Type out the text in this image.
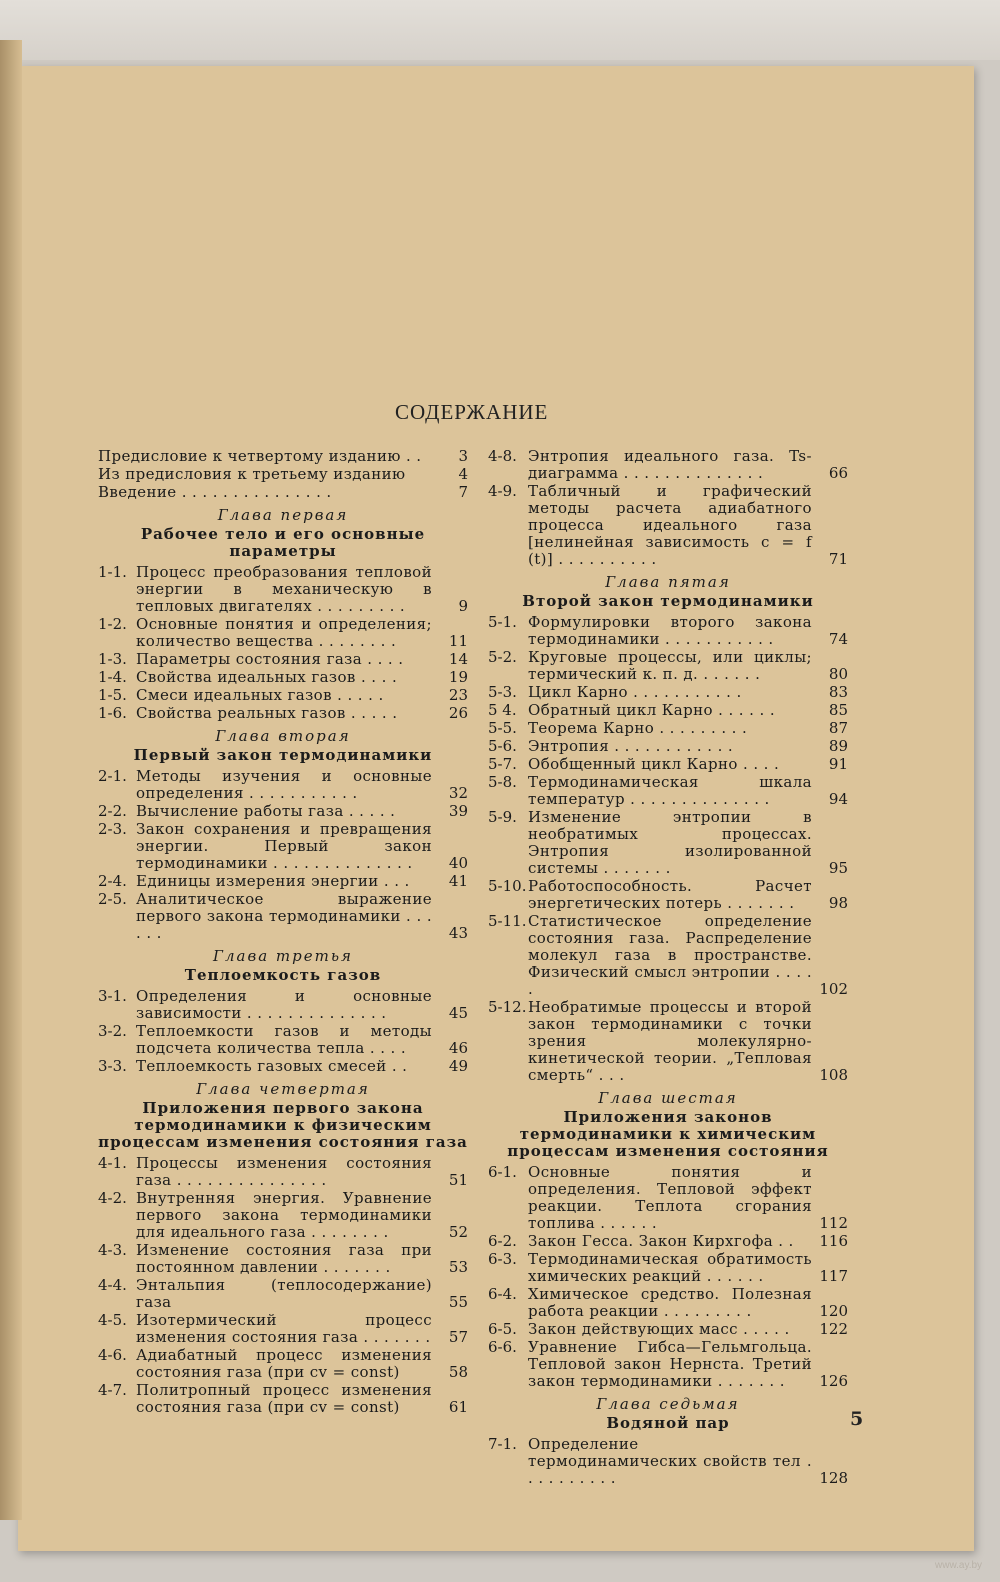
СОДЕРЖАНИЕ
Предисловие к четвертому изданию . .	3
Из предисловия к третьему изданию	4
Введение . . . . . . . . . . . . . . .	7
Глава первая
Рабочее тело и его основные параметры
1-1. Процесс преобразования тепловой энергии в механическую в тепловых двигателях . . . . . . . . .	9
1-2. Основные понятия и определения; количество вещества . . . . . . . .	11
1-3. Параметры состояния газа . . . .	14
1-4. Свойства идеальных газов . . . .	19
1-5. Смеси идеальных газов . . . . .	23
1-6. Свойства реальных газов . . . . .	26
Глава вторая
Первый закон термодинамики
2-1. Методы изучения и основные определения . . . . . . . . . . .	32
2-2. Вычисление работы газа . . . . .	39
2-3. Закон сохранения и превращения энергии. Первый закон термодинамики . . . . . . . . . . . . . .	40
2-4. Единицы измерения энергии . . .	41
2-5. Аналитическое выражение первого закона термодинамики . . . . . .	43
Глава третья
Теплоемкость газов
3-1. Определения и основные зависимости . . . . . . . . . . . . . .	45
3-2. Теплоемкости газов и методы подсчета количества тепла . . . .	46
3-3. Теплоемкость газовых смесей . .	49
Глава четвертая
Приложения первого закона термодинамики к физическим процессам изменения состояния газа
4-1. Процессы изменения состояния газа . . . . . . . . . . . . . . .	51
4-2. Внутренняя энергия. Уравнение первого закона термодинамики для идеального газа . . . . . . . .	52
4-3. Изменение состояния газа при постоянном давлении . . . . . . .	53
4-4. Энтальпия (теплосодержание) газа	55
4-5. Изотермический процесс изменения состояния газа . . . . . . .	57
4-6. Адиабатный процесс изменения состояния газа (при cv = const)	58
4-7. Политропный процесс изменения состояния газа (при cv = const)	61
4-8. Энтропия идеального газа. Ts-диаграмма . . . . . . . . . . . . . .	66
4-9. Табличный и графический методы расчета адиабатного процесса идеального газа [нелинейная зависимость c = f (t)] . . . . . . . . . .	71
Глава пятая
Второй закон термодинамики
5-1. Формулировки второго закона термодинамики . . . . . . . . . . .	74
5-2. Круговые процессы, или циклы; термический к. п. д. . . . . . .	80
5-3. Цикл Карно . . . . . . . . . . .	83
5 4. Обратный цикл Карно . . . . . .	85
5-5. Теорема Карно . . . . . . . . .	87
5-6. Энтропия . . . . . . . . . . . .	89
5-7. Обобщенный цикл Карно . . . .	91
5-8. Термодинамическая шкала температур . . . . . . . . . . . . . .	94
5-9. Изменение энтропии в необратимых процессах. Энтропия изолированной системы . . . . . . .	95
5-10. Работоспособность. Расчет энергетических потерь . . . . . . .	98
5-11. Статистическое определение состояния газа. Распределение молекул газа в пространстве. Физический смысл энтропии . . . . .	102
5-12. Необратимые процессы и второй закон термодинамики с точки зрения молекулярно-кинетической теории. „Тепловая смерть“ . . .	108
Глава шестая
Приложения законов термодинамики к химическим процессам изменения состояния
6-1. Основные понятия и определения. Тепловой эффект реакции. Теплота сгорания топлива . . . . . .	112
6-2. Закон Гесса. Закон Кирхгофа . .	116
6-3. Термодинамическая обратимость химических реакций . . . . . .	117
6-4. Химическое средство. Полезная работа реакции . . . . . . . . .	120
6-5. Закон действующих масс . . . . .	122
6-6. Уравнение Гибса—Гельмгольца. Тепловой закон Нернста. Третий закон термодинамики . . . . . . .	126
Глава седьмая
Водяной пар
7-1. Определение термодинамических свойств тел . . . . . . . . . .	128
5
www.ay.by
